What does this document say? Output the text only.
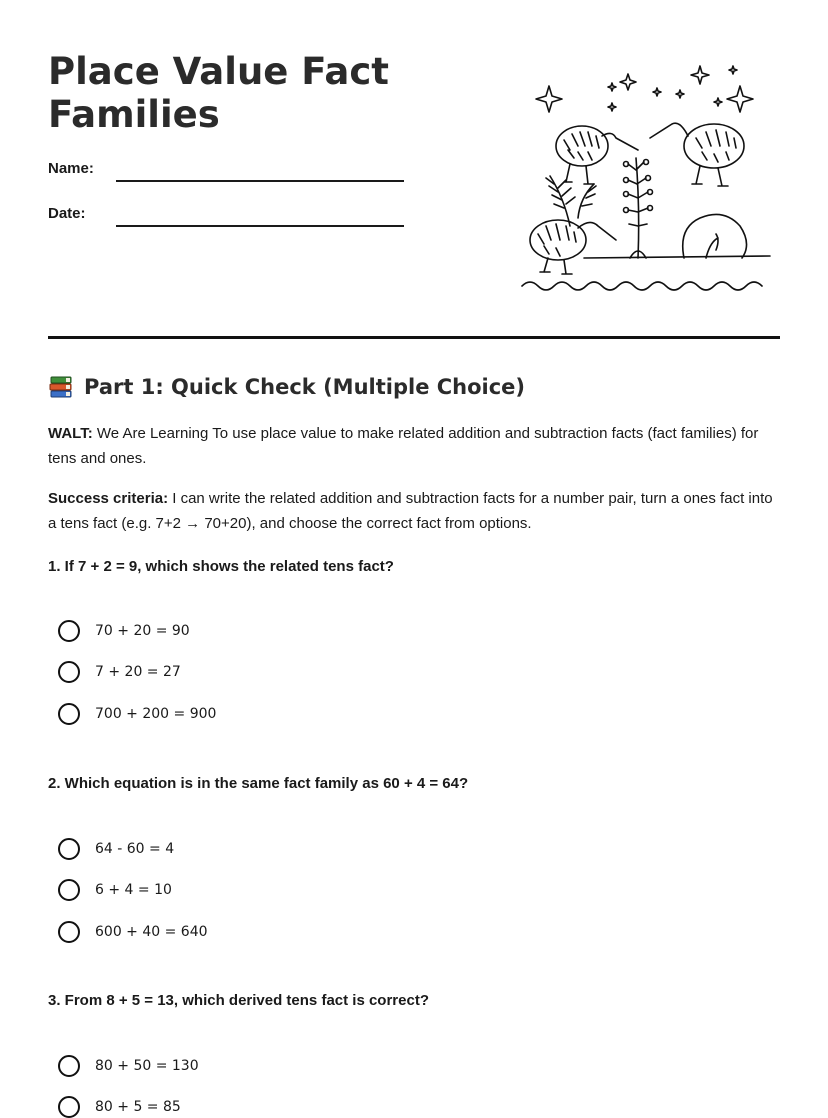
Place Value Fact Families
Name:
Date:
Part 1: Quick Check (Multiple Choice)

WALT: We Are Learning To use place value to make related addition and subtraction facts (fact families) for tens and ones.

Success criteria: I can write the related addition and subtraction facts for a number pair, turn a ones fact into a tens fact (e.g. 7+2 → 70+20), and choose the correct fact from options.

1. If 7 + 2 = 9, which shows the related tens fact?

70 + 20 = 90
7 + 20 = 27
700 + 200 = 900

2. Which equation is in the same fact family as 60 + 4 = 64?

64 - 60 = 4
6 + 4 = 10
600 + 40 = 640

3. From 8 + 5 = 13, which derived tens fact is correct?

80 + 50 = 130
80 + 5 = 85
